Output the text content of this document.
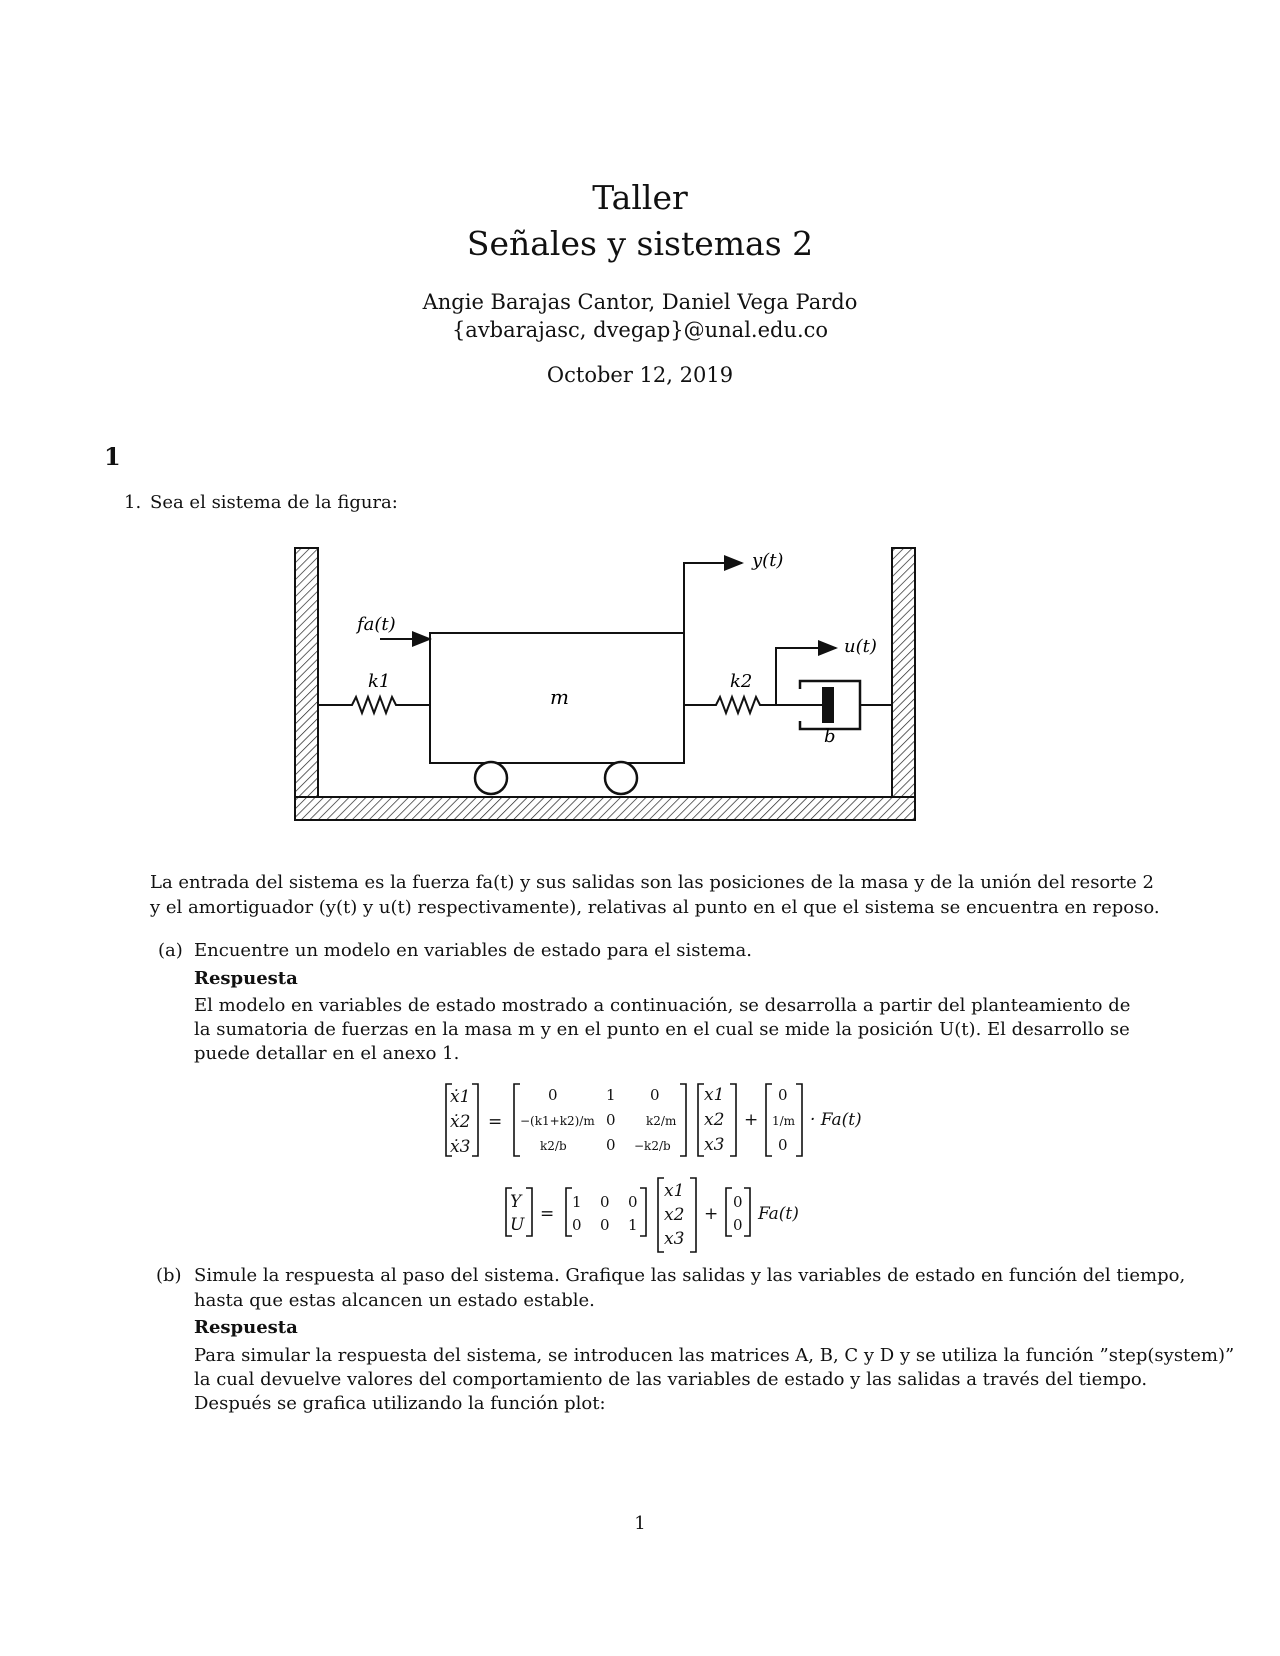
Taller
Señales y sistemas 2
Angie Barajas Cantor, Daniel Vega Pardo
{avbarajasc, dvegap}@unal.edu.co
October 12, 2019
1
1. Sea el sistema de la figura:
fa(t)
y(t)
u(t)
k1	k2
m
b
La entrada del sistema es la fuerza fa(t) y sus salidas son las posiciones de la masa y de la unión del resorte 2
y el amortiguador (y(t) y u(t) respectivamente), relativas al punto en el que el sistema se encuentra en reposo.
(a) Encuentre un modelo en variables de estado para el sistema.
Respuesta
El modelo en variables de estado mostrado a continuación, se desarrolla a partir del planteamiento de
la sumatoria de fuerzas en la masa m y en el punto en el cual se mide la posición U(t). El desarrollo se
puede detallar en el anexo 1.
ẋ1
ẋ2
ẋ3
=
0	1 0
−(k1+k2)/m 0	k2/m
k2/b	0 −k2/b
x1
x2
x3
+
0
1/m
0
· Fa(t)
Y
U
=
1 0 0
0 0 1
x1
x2
x3
+
0
0
Fa(t)
(b) Simule la respuesta al paso del sistema. Grafique las salidas y las variables de estado en función del tiempo,
hasta que estas alcancen un estado estable.
Respuesta
Para simular la respuesta del sistema, se introducen las matrices A, B, C y D y se utiliza la función ”step(system)”
la cual devuelve valores del comportamiento de las variables de estado y las salidas a través del tiempo.
Después se grafica utilizando la función plot:
1
